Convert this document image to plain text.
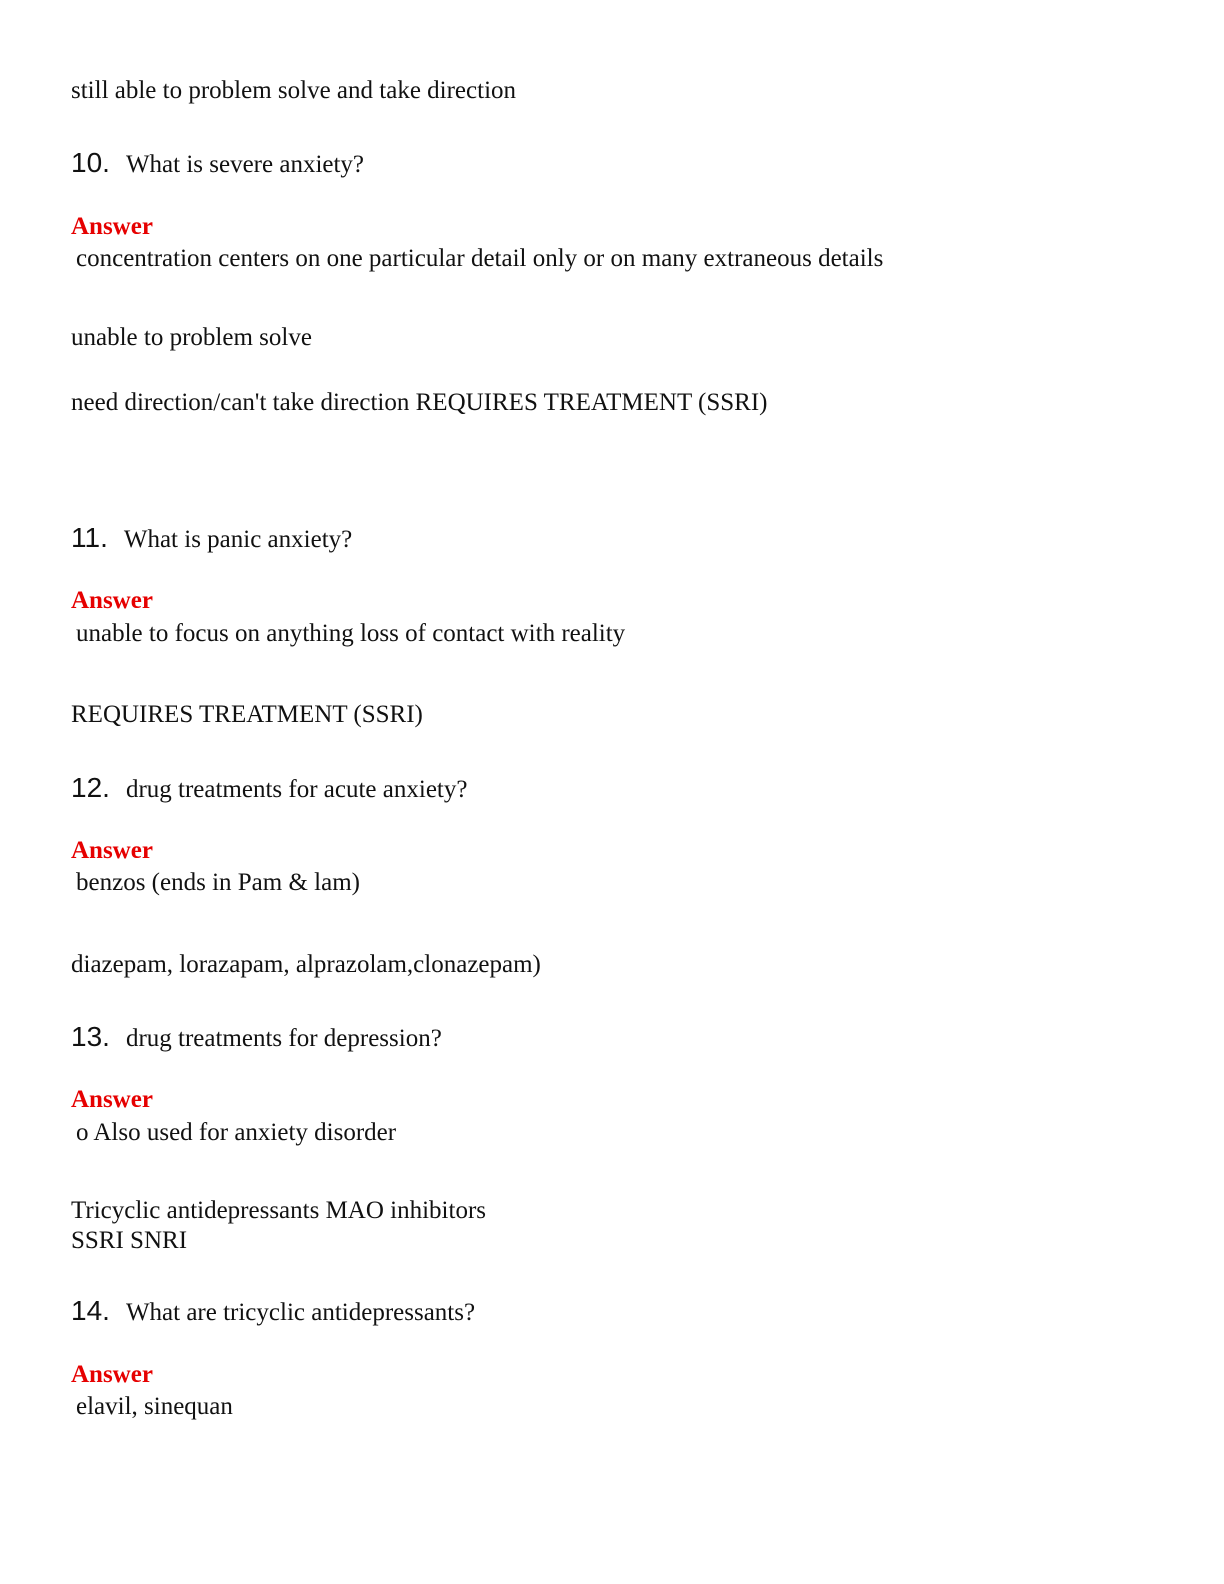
still able to problem solve and take direction
10. What is severe anxiety?
Answer
concentration centers on one particular detail only or on many extraneous details
unable to problem solve
need direction/can't take direction REQUIRES TREATMENT (SSRI)
11. What is panic anxiety?
Answer
unable to focus on anything loss of contact with reality
REQUIRES TREATMENT (SSRI)
12. drug treatments for acute anxiety?
Answer
benzos (ends in Pam & lam)
diazepam, lorazapam, alprazolam,clonazepam)
13. drug treatments for depression?
Answer
o Also used for anxiety disorder
Tricyclic antidepressants MAO inhibitors
SSRI SNRI
14. What are tricyclic antidepressants?
Answer
elavil, sinequan
